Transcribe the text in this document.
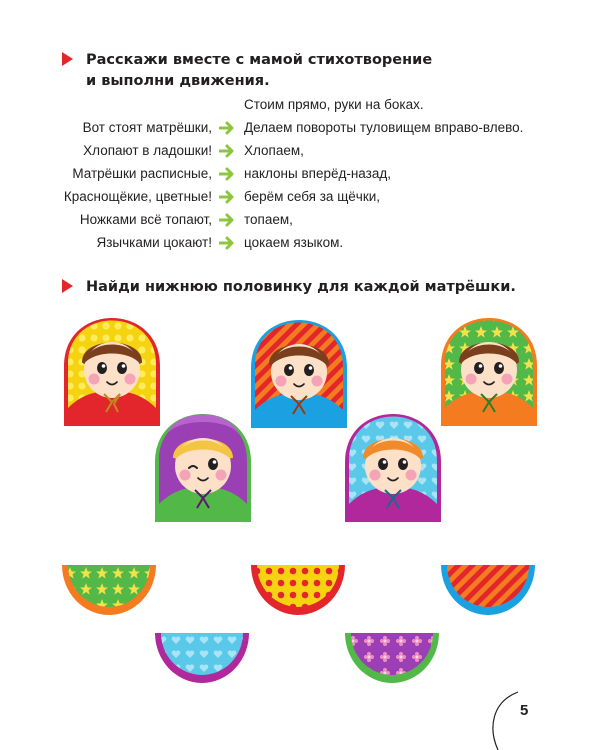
Расскажи вместе с мамой стихотворение
и выполни движения.
Стоим прямо, руки на боках.
Вот стоят матрёшки, Делаем повороты туловищем вправо-влево.
Хлопают в ладошки! Хлопаем,
Матрёшки расписные, наклоны вперёд-назад,
Краснощёкие, цветные! берём себя за щёчки,
Ножками всё топают, топаем,
Язычками цокают! цокаем языком.
Найди нижнюю половинку для каждой матрёшки.
5
